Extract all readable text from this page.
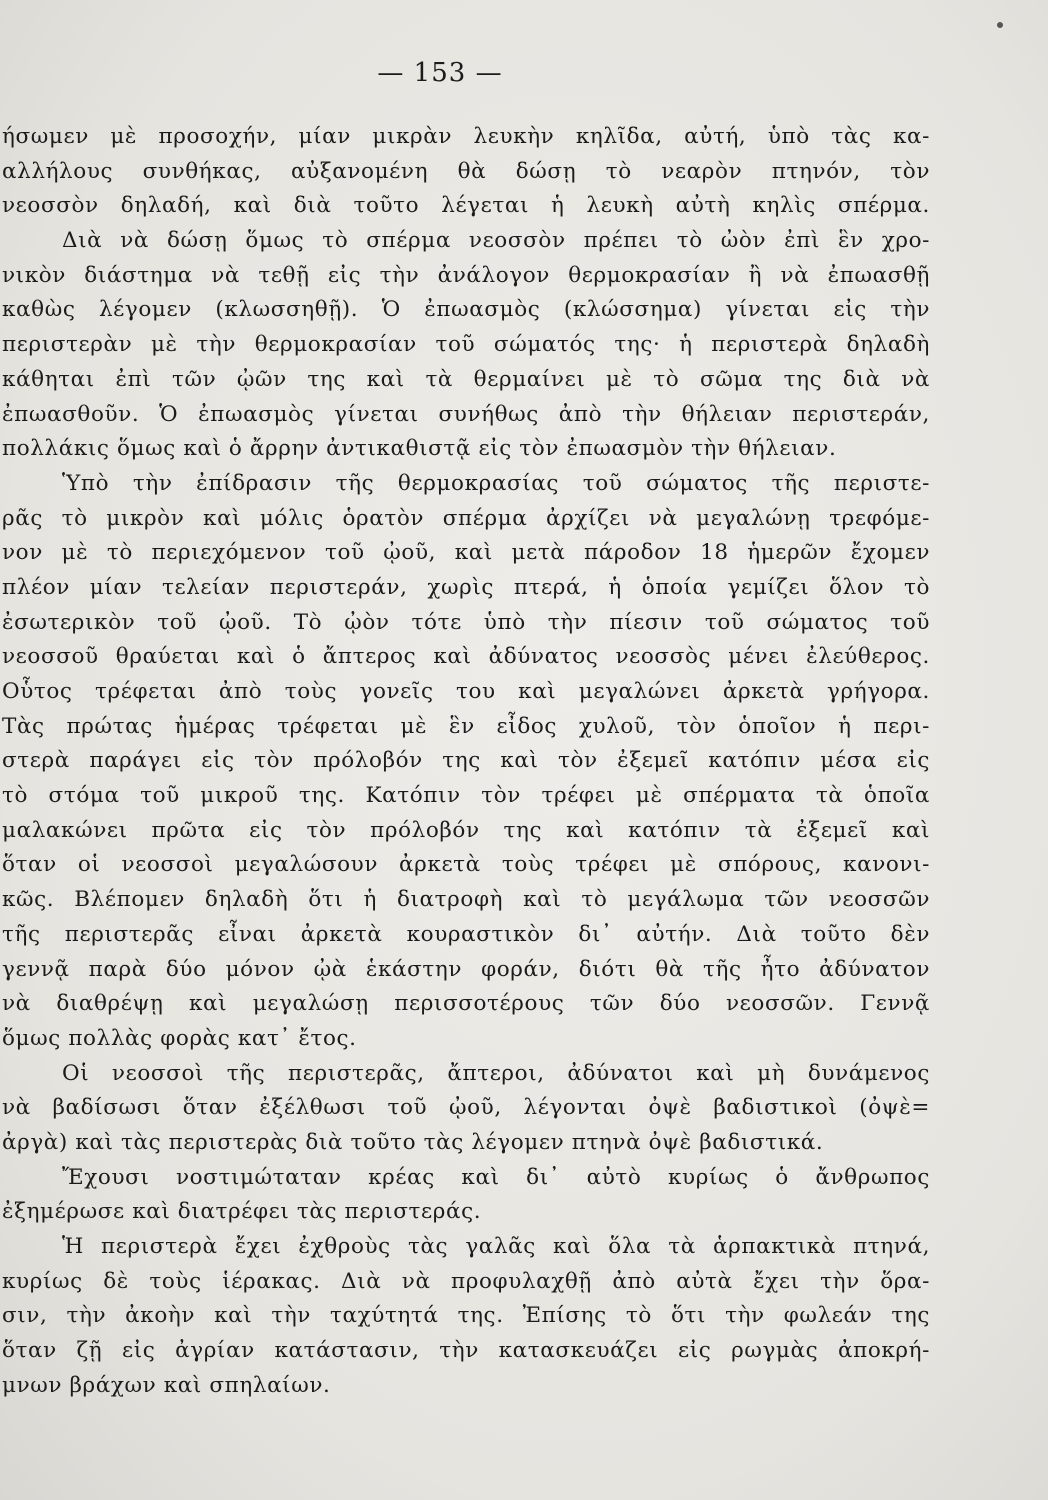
— 153 —
ήσωμεν μὲ προσοχήν, μίαν μικρὰν λευκὴν κηλῖδα, αὐτή, ὑπὸ τὰς κα-
αλλήλους συνθήκας, αὐξανομένη θὰ δώσῃ τὸ νεαρὸν πτηνόν, τὸν
νεοσσὸν δηλαδή, καὶ διὰ τοῦτο λέγεται ἡ λευκὴ αὐτὴ κηλὶς σπέρμα.
Διὰ νὰ δώσῃ ὅμως τὸ σπέρμα νεοσσὸν πρέπει τὸ ὠὸν ἐπὶ ἓν χρο-
νικὸν διάστημα νὰ τεθῇ εἰς τὴν ἀνάλογον θερμοκρασίαν ἢ νὰ ἐπωασθῇ
καθὼς λέγομεν (κλωσσηθῇ). Ὁ ἐπωασμὸς (κλώσσημα) γίνεται εἰς τὴν
περιστερὰν μὲ τὴν θερμοκρασίαν τοῦ σώματός της· ἡ περιστερὰ δηλαδὴ
κάθηται ἐπὶ τῶν ᾠῶν της καὶ τὰ θερμαίνει μὲ τὸ σῶμα της διὰ νὰ
ἐπωασθοῦν. Ὁ ἐπωασμὸς γίνεται συνήθως ἀπὸ τὴν θήλειαν περιστεράν,
πολλάκις ὅμως καὶ ὁ ἄρρην ἀντικαθιστᾷ εἰς τὸν ἐπωασμὸν τὴν θήλειαν.
Ὑπὸ τὴν ἐπίδρασιν τῆς θερμοκρασίας τοῦ σώματος τῆς περιστε-
ρᾶς τὸ μικρὸν καὶ μόλις ὁρατὸν σπέρμα ἀρχίζει νὰ μεγαλώνῃ τρεφόμε-
νον μὲ τὸ περιεχόμενον τοῦ ᾠοῦ, καὶ μετὰ πάροδον 18 ἡμερῶν ἔχομεν
πλέον μίαν τελείαν περιστεράν, χωρὶς πτερά, ἡ ὁποία γεμίζει ὅλον τὸ
ἐσωτερικὸν τοῦ ᾠοῦ. Τὸ ᾠὸν τότε ὑπὸ τὴν πίεσιν τοῦ σώματος τοῦ
νεοσσοῦ θραύεται καὶ ὁ ἄπτερος καὶ ἀδύνατος νεοσσὸς μένει ἐλεύθερος.
Οὗτος τρέφεται ἀπὸ τοὺς γονεῖς του καὶ μεγαλώνει ἀρκετὰ γρήγορα.
Τὰς πρώτας ἡμέρας τρέφεται μὲ ἓν εἶδος χυλοῦ, τὸν ὁποῖον ἡ περι-
στερὰ παράγει εἰς τὸν πρόλοβόν της καὶ τὸν ἐξεμεῖ κατόπιν μέσα εἰς
τὸ στόμα τοῦ μικροῦ της. Κατόπιν τὸν τρέφει μὲ σπέρματα τὰ ὁποῖα
μαλακώνει πρῶτα εἰς τὸν πρόλοβόν της καὶ κατόπιν τὰ ἐξεμεῖ καὶ
ὅταν οἱ νεοσσοὶ μεγαλώσουν ἀρκετὰ τοὺς τρέφει μὲ σπόρους, κανονι-
κῶς. Βλέπομεν δηλαδὴ ὅτι ἡ διατροφὴ καὶ τὸ μεγάλωμα τῶν νεοσσῶν
τῆς περιστερᾶς εἶναι ἀρκετὰ κουραστικὸν δι᾽ αὐτήν. Διὰ τοῦτο δὲν
γεννᾷ παρὰ δύο μόνον ᾠὰ ἑκάστην φοράν, διότι θὰ τῆς ἦτο ἀδύνατον
νὰ διαθρέψῃ καὶ μεγαλώσῃ περισσοτέρους τῶν δύο νεοσσῶν. Γεννᾷ
ὅμως πολλὰς φορὰς κατ᾽ ἔτος.
Οἱ νεοσσοὶ τῆς περιστερᾶς, ἄπτεροι, ἀδύνατοι καὶ μὴ δυνάμενος
νὰ βαδίσωσι ὅταν ἐξέλθωσι τοῦ ᾠοῦ, λέγονται ὀψὲ βαδιστικοὶ (ὀψὲ=
ἀργὰ) καὶ τὰς περιστερὰς διὰ τοῦτο τὰς λέγομεν πτηνὰ ὀψὲ βαδιστικά.
Ἔχουσι νοστιμώταταν κρέας καὶ δι᾽ αὐτὸ κυρίως ὁ ἄνθρωπος
ἐξημέρωσε καὶ διατρέφει τὰς περιστεράς.
Ἡ περιστερὰ ἔχει ἐχθροὺς τὰς γαλᾶς καὶ ὅλα τὰ ἁρπακτικὰ πτηνά,
κυρίως δὲ τοὺς ἱέρακας. Διὰ νὰ προφυλαχθῇ ἀπὸ αὐτὰ ἔχει τὴν ὅρα-
σιν, τὴν ἀκοὴν καὶ τὴν ταχύτητά της. Ἐπίσης τὸ ὅτι τὴν φωλεάν της
ὅταν ζῇ εἰς ἀγρίαν κατάστασιν, τὴν κατασκευάζει εἰς ρωγμὰς ἀποκρή-
μνων βράχων καὶ σπηλαίων.
